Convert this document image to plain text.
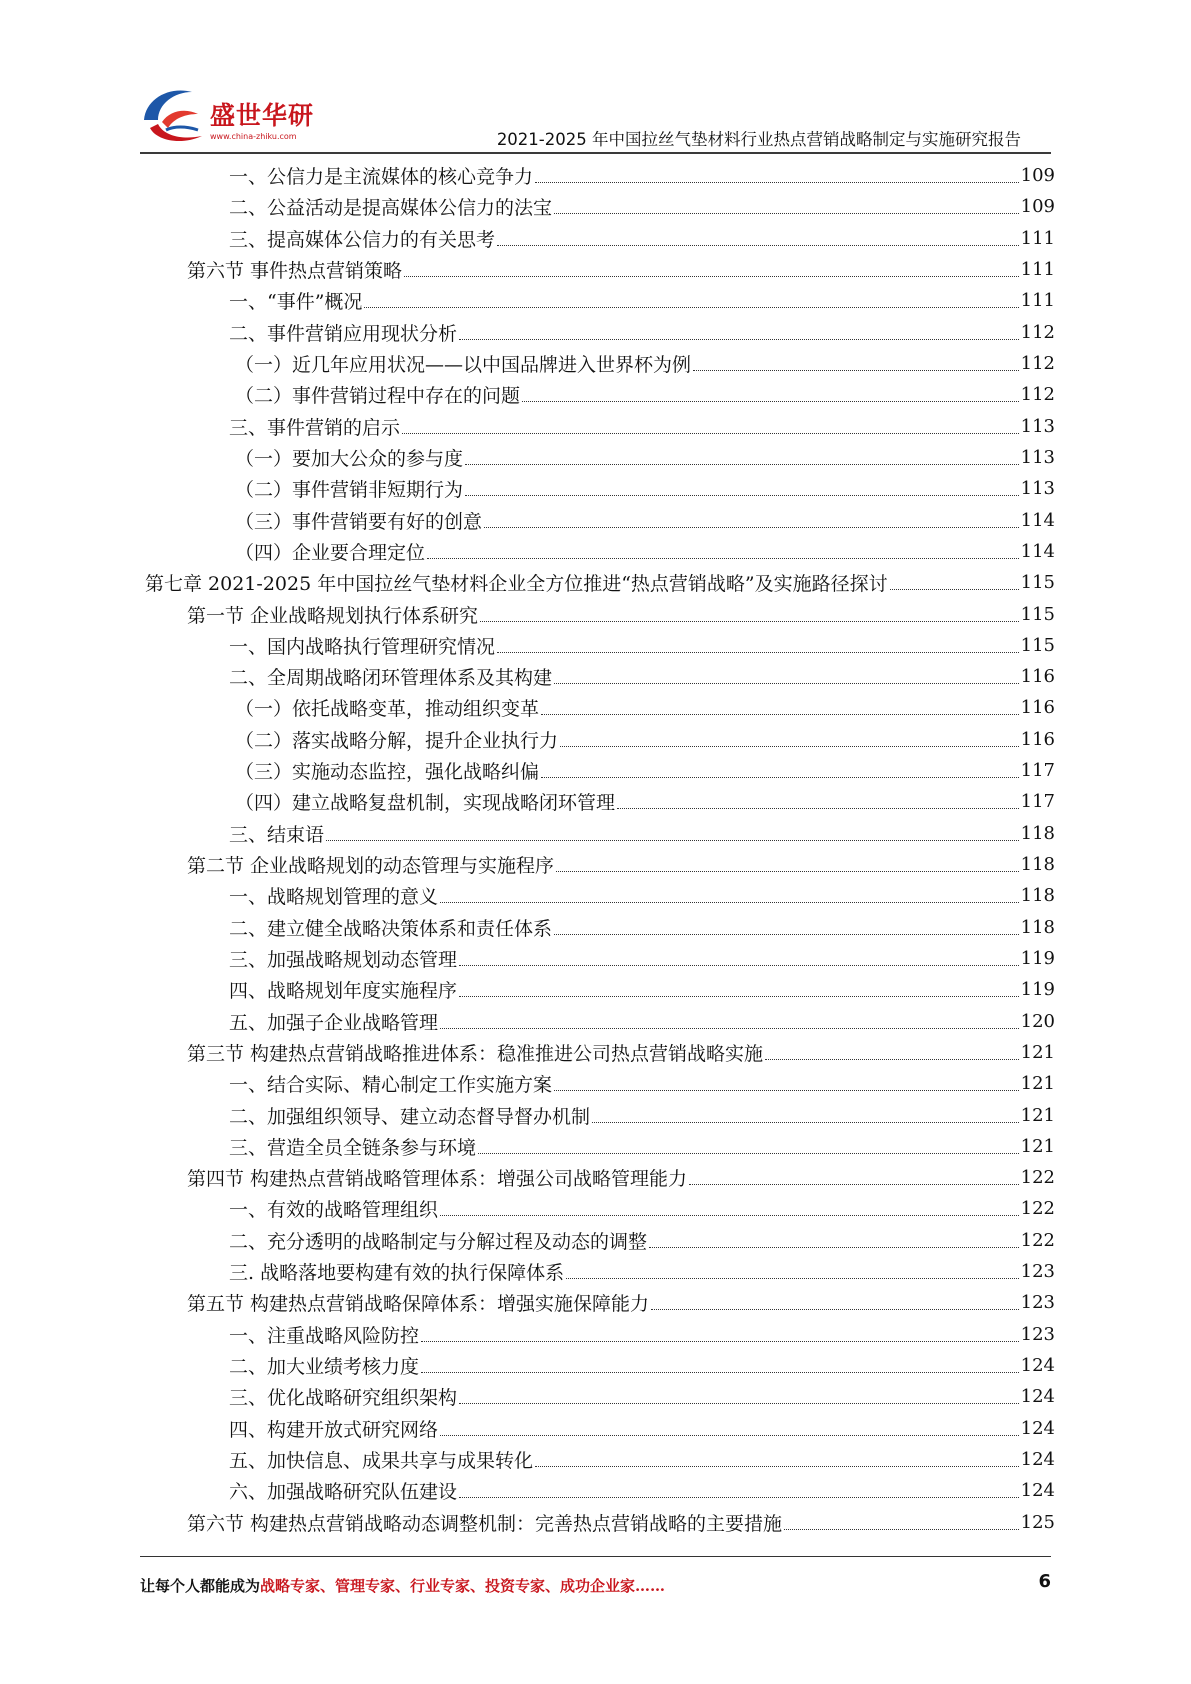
盛世华研
www.china-zhiku.com	2021-2025 年中国拉丝气垫材料行业热点营销战略制定与实施研究报告
一、公信力是主流媒体的核心竞争力	109
二、公益活动是提高媒体公信力的法宝	109
三、提高媒体公信力的有关思考	111
第六节 事件热点营销策略	111
一、“事件”概况	111
二、事件营销应用现状分析	112
（一）近几年应用状况——以中国品牌进入世界杯为例	112
（二）事件营销过程中存在的问题	112
三、事件营销的启示	113
（一）要加大公众的参与度	113
（二）事件营销非短期行为	113
（三）事件营销要有好的创意	114
（四）企业要合理定位	114
第七章 2021-2025 年中国拉丝气垫材料企业全方位推进“热点营销战略”及实施路径探讨	115
第一节 企业战略规划执行体系研究	115
一、国内战略执行管理研究情况	115
二、全周期战略闭环管理体系及其构建	116
（一）依托战略变革，推动组织变革	116
（二）落实战略分解，提升企业执行力	116
（三）实施动态监控，强化战略纠偏	117
（四）建立战略复盘机制，实现战略闭环管理	117
三、结束语	118
第二节 企业战略规划的动态管理与实施程序	118
一、战略规划管理的意义	118
二、建立健全战略决策体系和责任体系	118
三、加强战略规划动态管理	119
四、战略规划年度实施程序	119
五、加强子企业战略管理	120
第三节 构建热点营销战略推进体系：稳准推进公司热点营销战略实施	121
一、结合实际、精心制定工作实施方案	121
二、加强组织领导、建立动态督导督办机制	121
三、营造全员全链条参与环境	121
第四节 构建热点营销战略管理体系：增强公司战略管理能力	122
一、有效的战略管理组织	122
二、充分透明的战略制定与分解过程及动态的调整	122
三. 战略落地要构建有效的执行保障体系	123
第五节 构建热点营销战略保障体系：增强实施保障能力	123
一、注重战略风险防控	123
二、加大业绩考核力度	124
三、优化战略研究组织架构	124
四、构建开放式研究网络	124
五、加快信息、成果共享与成果转化	124
六、加强战略研究队伍建设	124
第六节 构建热点营销战略动态调整机制：完善热点营销战略的主要措施	125
让每个人都能成为战略专家、管理专家、行业专家、投资专家、成功企业家……	6
